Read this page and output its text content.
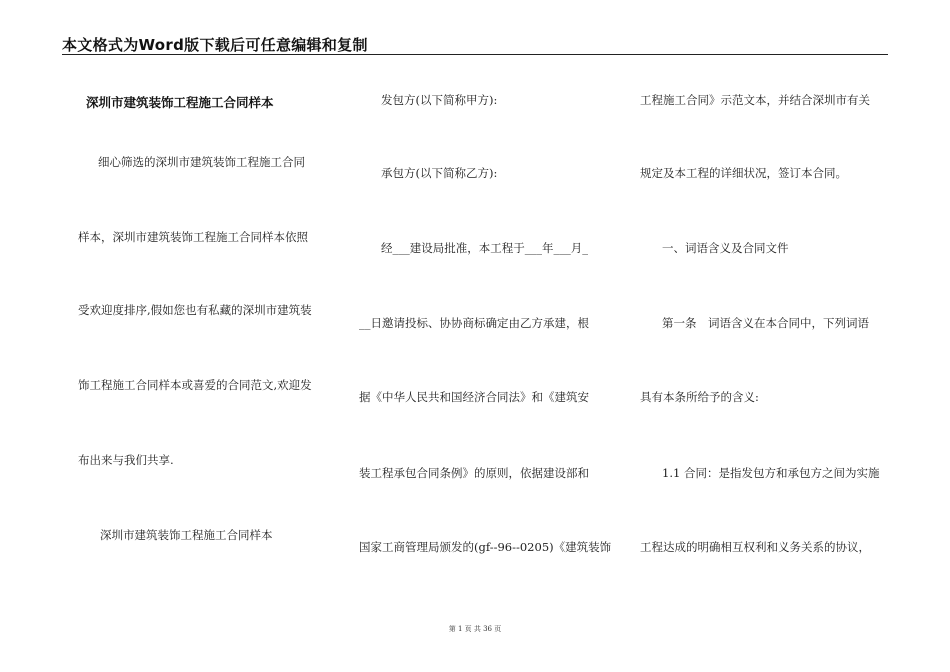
本文格式为Word版下载后可任意编辑和复制
深圳市建筑装饰工程施工合同样本
细心筛选的深圳市建筑装饰工程施工合同
样本，深圳市建筑装饰工程施工合同样本依照
受欢迎度排序,假如您也有私藏的深圳市建筑装
饰工程施工合同样本或喜爱的合同范文,欢迎发
布出来与我们共享.
深圳市建筑装饰工程施工合同样本
发包方(以下简称甲方):
承包方(以下简称乙方):
经___建设局批准，本工程于___年___月_
__日邀请投标、协协商标确定由乙方承建，根
据《中华人民共和国经济合同法》和《建筑安
装工程承包合同条例》的原则，依据建设部和
国家工商管理局颁发的(gf--96--0205)《建筑装饰
工程施工合同》示范文本，并结合深圳市有关
规定及本工程的详细状况，签订本合同。
一、词语含义及合同文件
第一条　词语含义在本合同中，下列词语
具有本条所给予的含义:
1.1 合同：是指发包方和承包方之间为实施
工程达成的明确相互权利和义务关系的协议，
第 1 页 共 36 页
